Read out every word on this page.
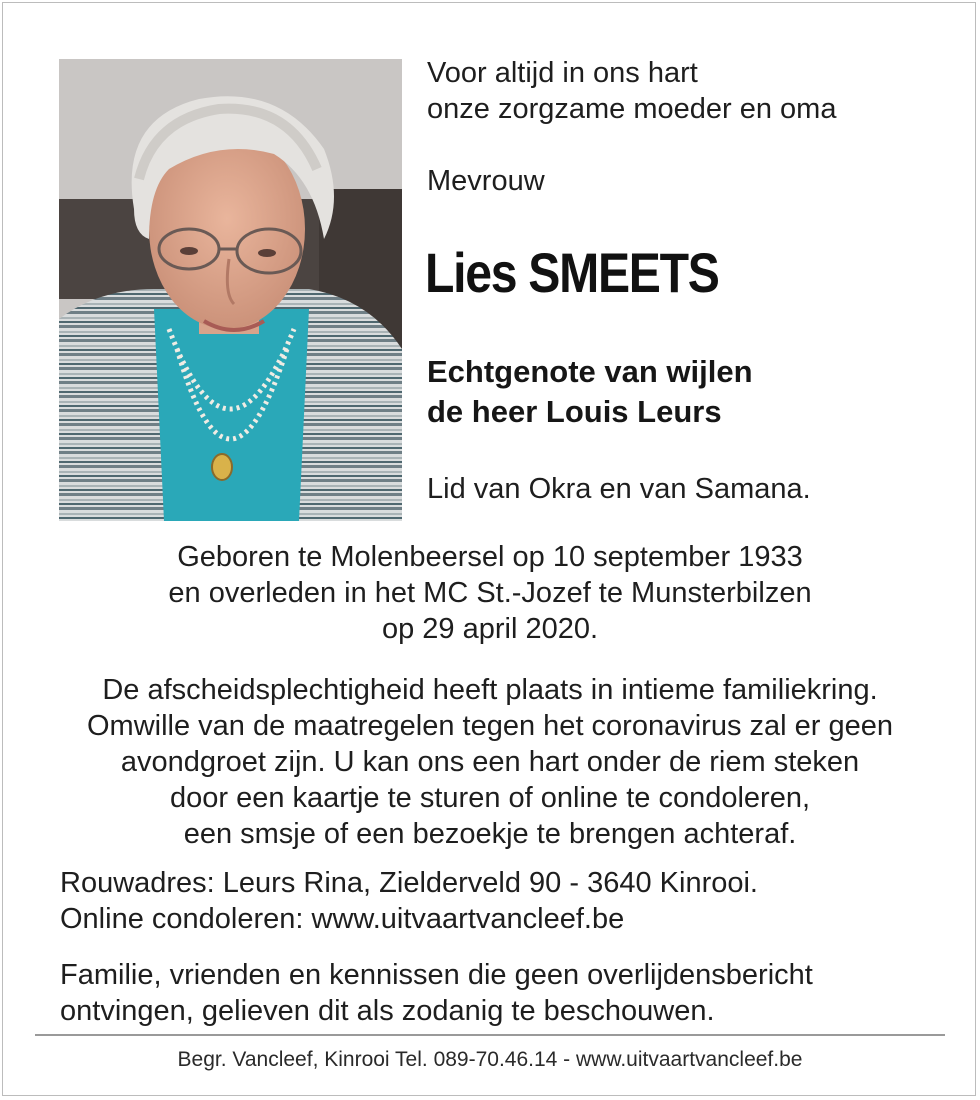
Voor altijd in ons hart
onze zorgzame moeder en oma
Mevrouw
Lies SMEETS
Echtgenote van wijlen
de heer Louis Leurs
Lid van Okra en van Samana.
Geboren te Molenbeersel op 10 september 1933
en overleden in het MC St.-Jozef te Munsterbilzen
op 29 april 2020.
De afscheidsplechtigheid heeft plaats in intieme familiekring.
Omwille van de maatregelen tegen het coronavirus zal er geen
avondgroet zijn. U kan ons een hart onder de riem steken
door een kaartje te sturen of online te condoleren,
een smsje of een bezoekje te brengen achteraf.
Rouwadres: Leurs Rina, Zielderveld 90 - 3640 Kinrooi.
Online condoleren: www.uitvaartvancleef.be
Familie, vrienden en kennissen die geen overlijdensbericht
ontvingen, gelieven dit als zodanig te beschouwen.
Begr. Vancleef, Kinrooi Tel. 089-70.46.14 - www.uitvaartvancleef.be
